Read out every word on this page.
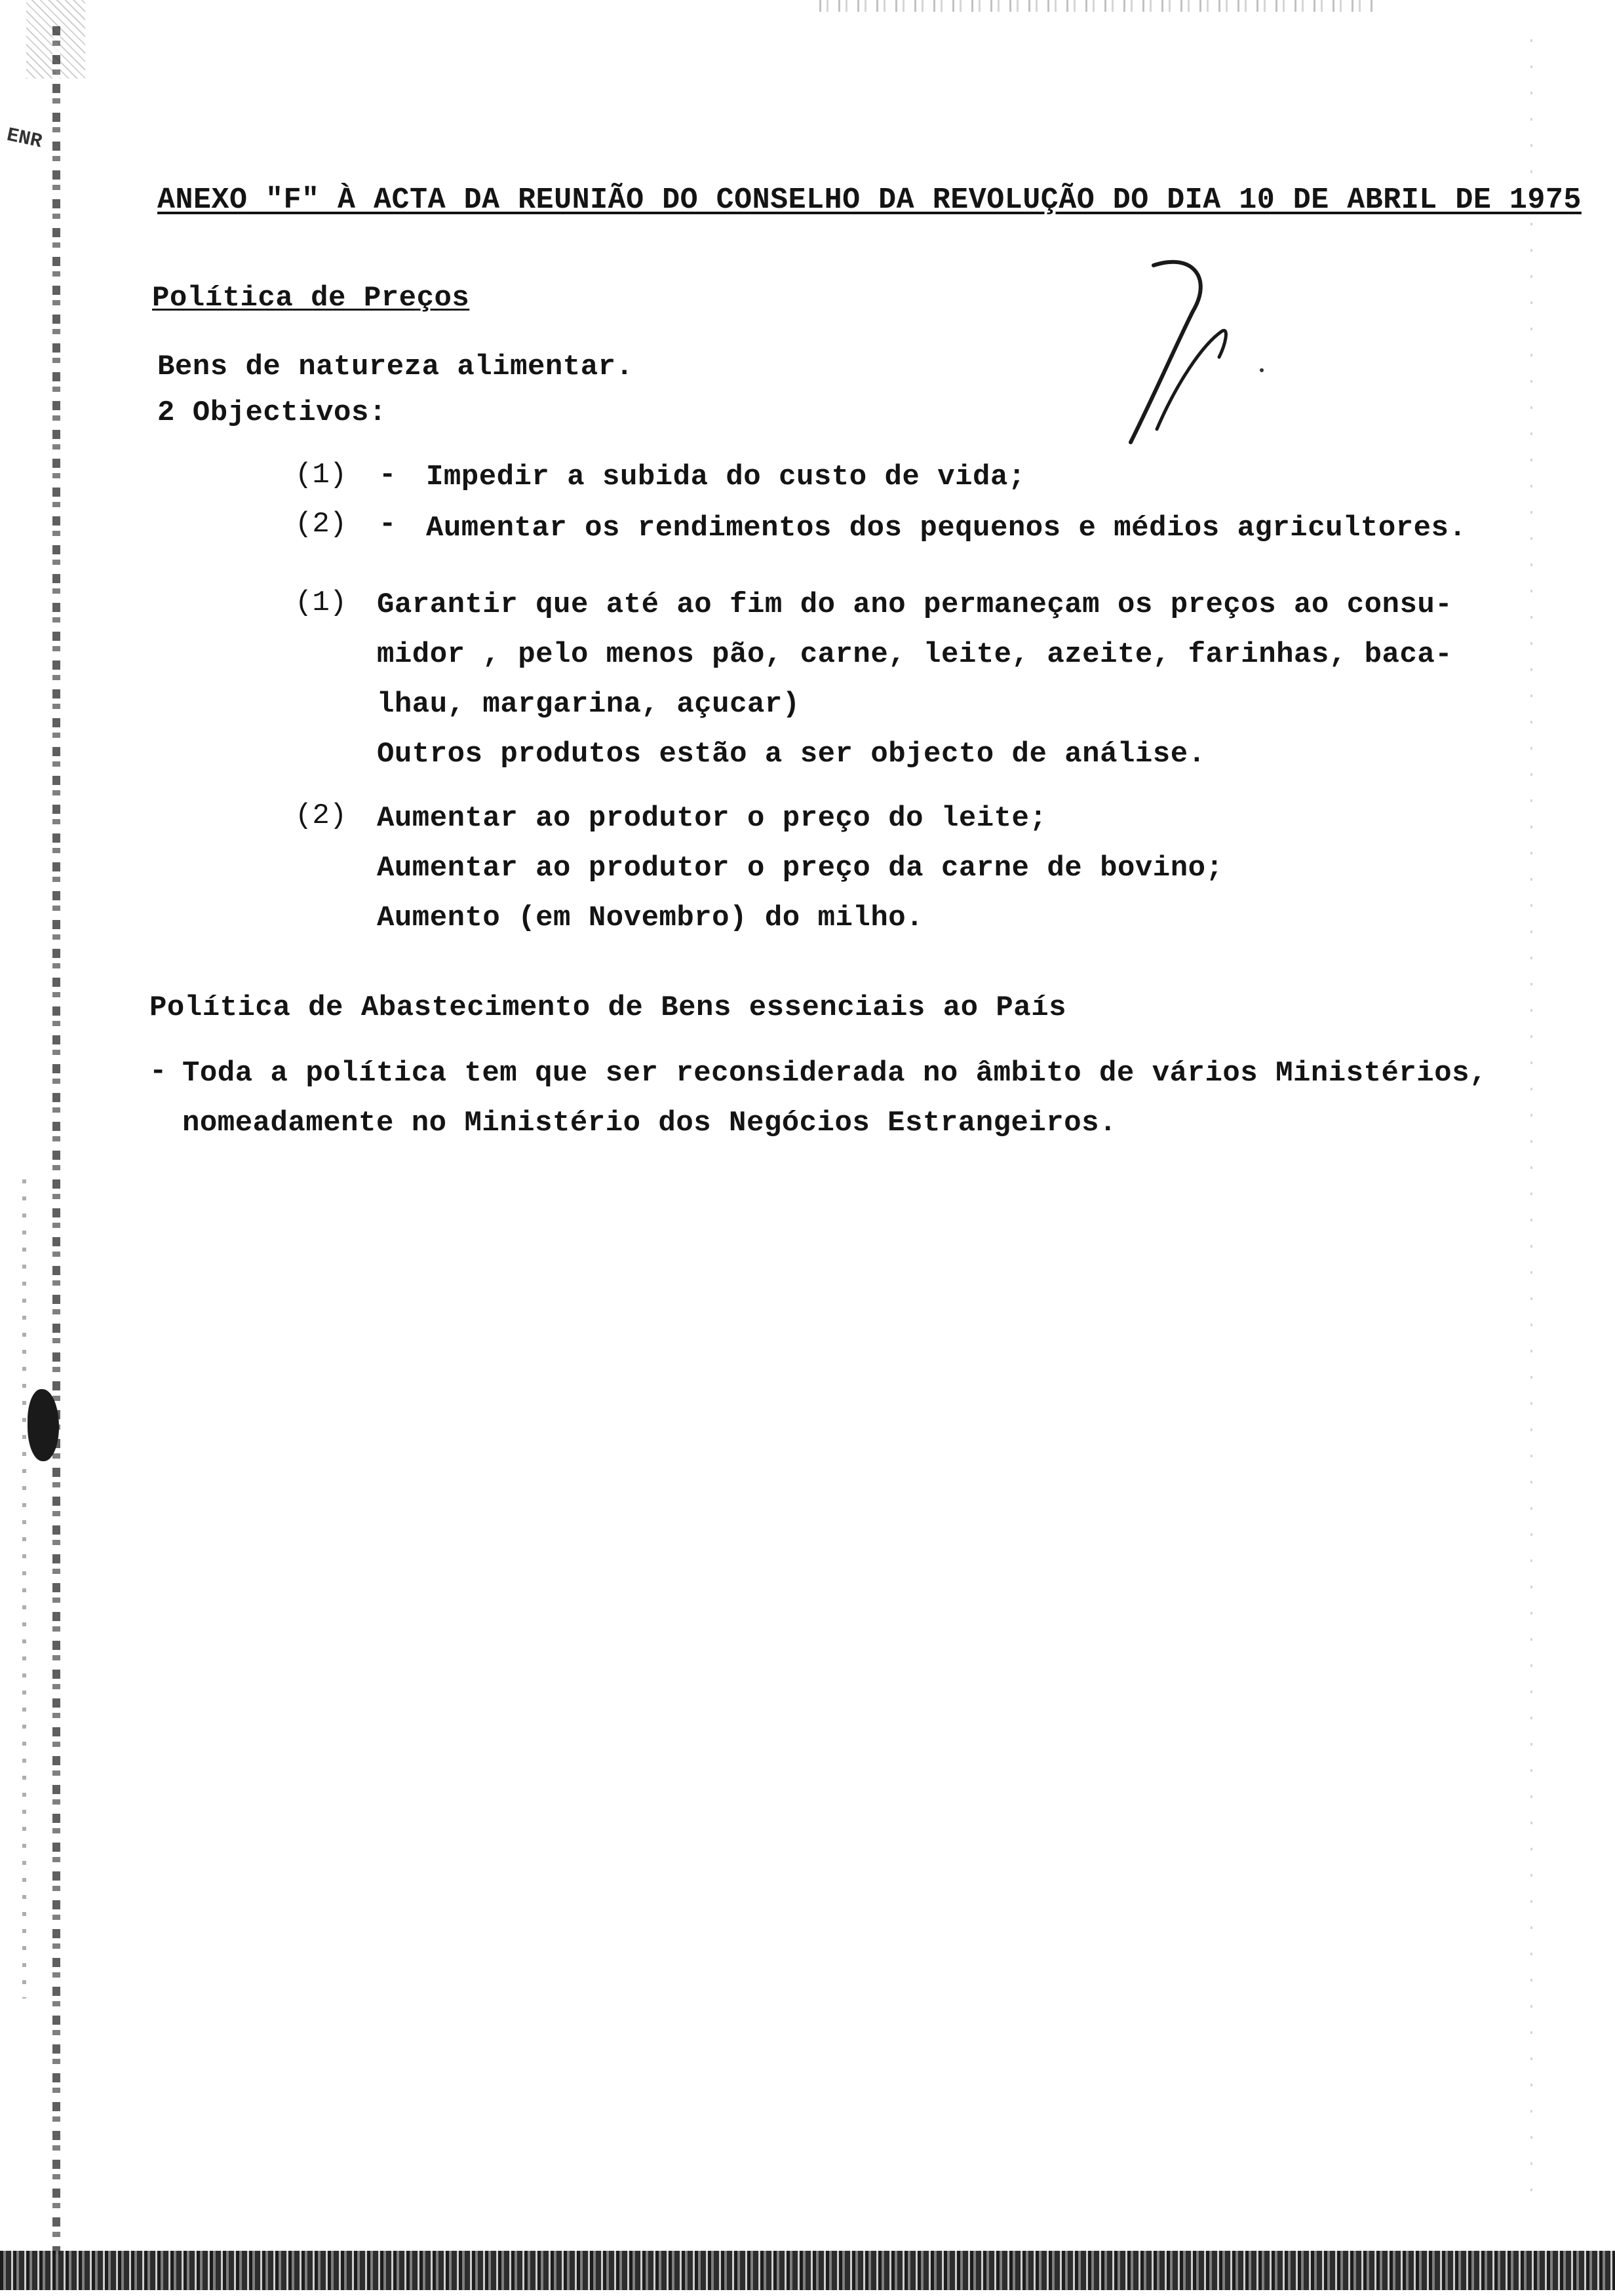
ENR
ANEXO "F" À ACTA DA REUNIÃO DO CONSELHO DA REVOLUÇÃO DO DIA 10 DE ABRIL DE 1975
Política de Preços
Bens de natureza alimentar.
2 Objectivos:
(1) - Impedir a subida do custo de vida;
(2) - Aumentar os rendimentos dos pequenos e médios agricultores.
(1) Garantir que até ao fim do ano permaneçam os preços ao consu-
midor , pelo menos pão, carne, leite, azeite, farinhas, baca-
lhau, margarina, açucar)
Outros produtos estão a ser objecto de análise.
(2) Aumentar ao produtor o preço do leite;
Aumentar ao produtor o preço da carne de bovino;
Aumento (em Novembro) do milho.
Política de Abastecimento de Bens essenciais ao País
- Toda a política tem que ser reconsiderada no âmbito de vários Ministérios,
nomeadamente no Ministério dos Negócios Estrangeiros.
